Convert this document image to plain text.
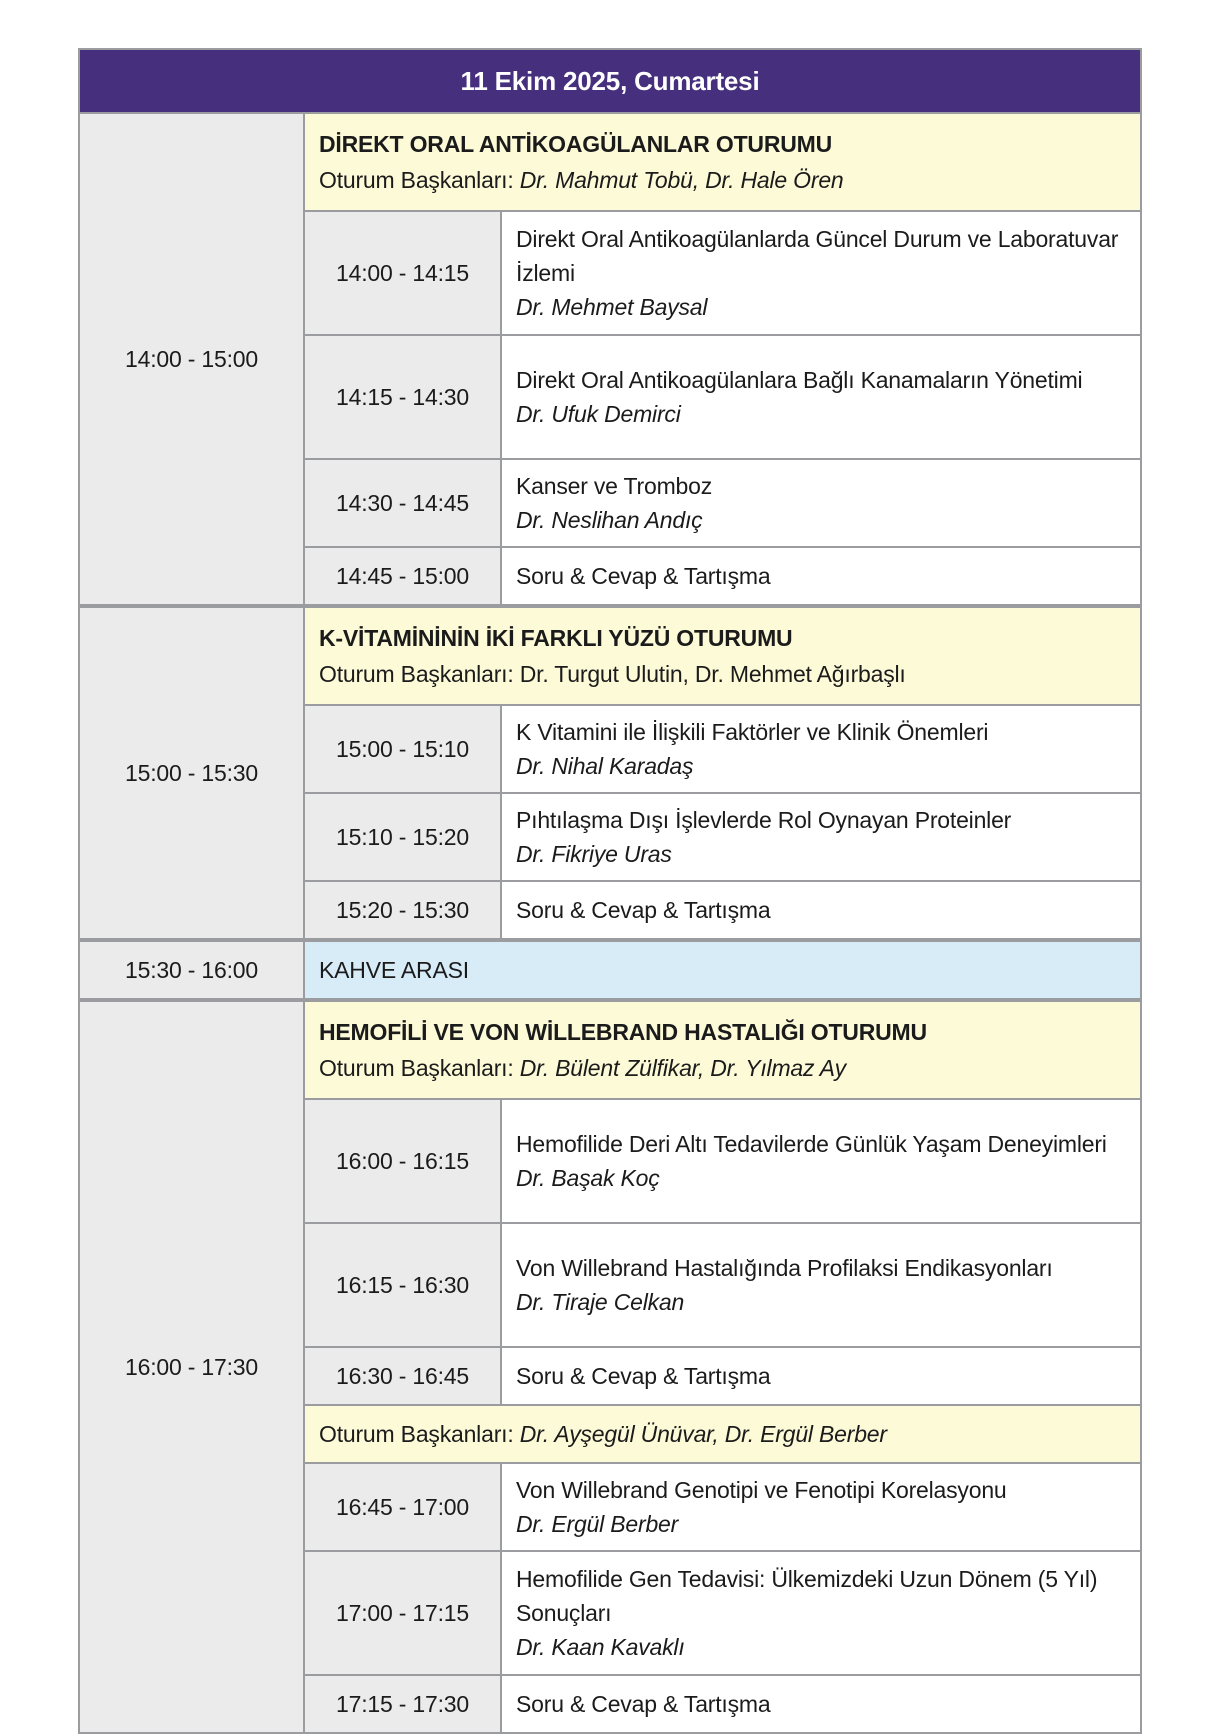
11 Ekim 2025, Cumartesi		
14:00 - 15:00	DİREKT ORAL ANTİKOAGÜLANLAR OTURUMU
Oturum Başkanları: Dr. Mahmut Tobü, Dr. Hale Ören	

	14:00 - 14:15	Direkt Oral Antikoagülanlarda Güncel Durum ve Laboratuvar İzlemi
Dr. Mehmet Baysal

	14:15 - 14:30	Direkt Oral Antikoagülanlara Bağlı Kanamaların Yönetimi
Dr. Ufuk Demirci

	14:30 - 14:45	Kanser ve Tromboz
Dr. Neslihan Andıç

	14:45 - 15:00	Soru & Cevap & Tartışma

15:00 - 15:30	K-VİTAMİNİNİN İKİ FARKLI YÜZÜ OTURUMU
Oturum Başkanları: Dr. Turgut Ulutin, Dr. Mehmet Ağırbaşlı	

	15:00 - 15:10	K Vitamini ile İlişkili Faktörler ve Klinik Önemleri
Dr. Nihal Karadaş

	15:10 - 15:20	Pıhtılaşma Dışı İşlevlerde Rol Oynayan Proteinler
Dr. Fikriye Uras

	15:20 - 15:30	Soru & Cevap & Tartışma

15:30 - 16:00	KAHVE ARASI	
16:00 - 17:30	HEMOFİLİ VE VON WİLLEBRAND HASTALIĞI OTURUMU
Oturum Başkanları: Dr. Bülent Zülfikar, Dr. Yılmaz Ay	

	16:00 - 16:15	Hemofilide Deri Altı Tedavilerde Günlük Yaşam Deneyimleri
Dr. Başak Koç

	16:15 - 16:30	Von Willebrand Hastalığında Profilaksi Endikasyonları
Dr. Tiraje Celkan

	16:30 - 16:45	Soru & Cevap & Tartışma

	Oturum Başkanları: Dr. Ayşegül Ünüvar, Dr. Ergül Berber	
	16:45 - 17:00	Von Willebrand Genotipi ve Fenotipi Korelasyonu
Dr. Ergül Berber

	17:00 - 17:15	Hemofilide Gen Tedavisi: Ülkemizdeki Uzun Dönem (5 Yıl) Sonuçları
Dr. Kaan Kavaklı

	17:15 - 17:30	Soru & Cevap & Tartışma
